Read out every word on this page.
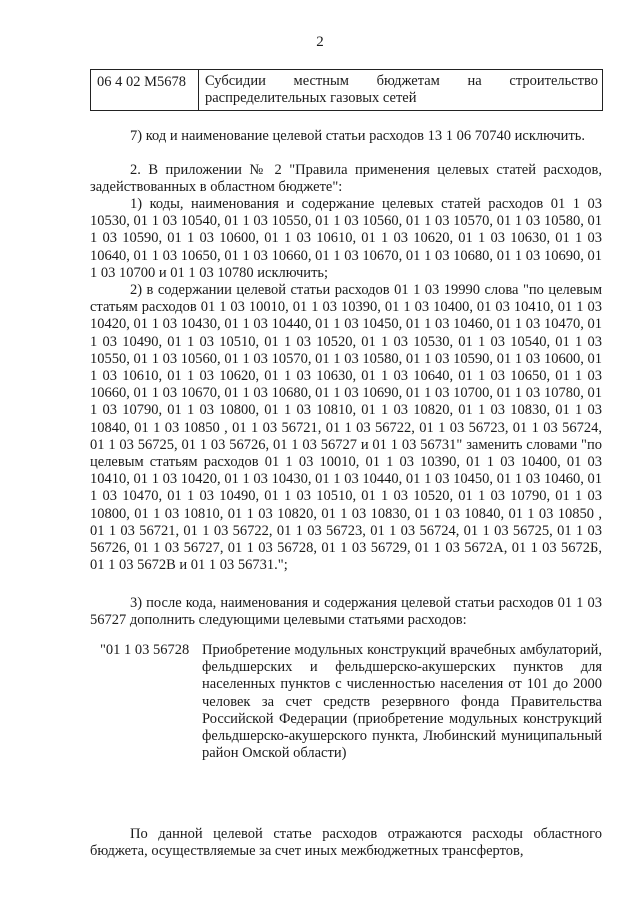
2
06 4 02 M5678	Субсидии местным бюджетам на строительство распределительных газовых сетей
7) код и наименование целевой статьи расходов 13 1 06 70740 исключить.
2. В приложении № 2 "Правила применения целевых статей расходов, задействованных в областном бюджете":
1) коды, наименования и содержание целевых статей расходов 01 1 03 10530, 01 1 03 10540, 01 1 03 10550, 01 1 03 10560, 01 1 03 10570, 01 1 03 10580, 01 1 03 10590, 01 1 03 10600, 01 1 03 10610, 01 1 03 10620, 01 1 03 10630, 01 1 03 10640, 01 1 03 10650, 01 1 03 10660, 01 1 03 10670, 01 1 03 10680, 01 1 03 10690, 01 1 03 10700 и 01 1 03 10780 исключить;
2) в содержании целевой статьи расходов 01 1 03 19990 слова "по целевым статьям расходов 01 1 03 10010, 01 1 03 10390, 01 1 03 10400, 01 03 10410, 01 1 03 10420, 01 1 03 10430, 01 1 03 10440, 01 1 03 10450, 01 1 03 10460, 01 1 03 10470, 01 1 03 10490, 01 1 03 10510, 01 1 03 10520, 01 1 03 10530, 01 1 03 10540, 01 1 03 10550, 01 1 03 10560, 01 1 03 10570, 01 1 03 10580, 01 1 03 10590, 01 1 03 10600, 01 1 03 10610, 01 1 03 10620, 01 1 03 10630, 01 1 03 10640, 01 1 03 10650, 01 1 03 10660, 01 1 03 10670, 01 1 03 10680, 01 1 03 10690, 01 1 03 10700, 01 1 03 10780, 01 1 03 10790, 01 1 03 10800, 01 1 03 10810, 01 1 03 10820, 01 1 03 10830, 01 1 03 10840, 01 1 03 10850 , 01 1 03 56721, 01 1 03 56722, 01 1 03 56723, 01 1 03 56724, 01 1 03 56725, 01 1 03 56726, 01 1 03 56727 и 01 1 03 56731" заменить словами "по целевым статьям расходов 01 1 03 10010, 01 1 03 10390, 01 1 03 10400, 01 03 10410, 01 1 03 10420, 01 1 03 10430, 01 1 03 10440, 01 1 03 10450, 01 1 03 10460, 01 1 03 10470, 01 1 03 10490, 01 1 03 10510, 01 1 03 10520, 01 1 03 10790, 01 1 03 10800, 01 1 03 10810, 01 1 03 10820, 01 1 03 10830, 01 1 03 10840, 01 1 03 10850 , 01 1 03 56721, 01 1 03 56722, 01 1 03 56723, 01 1 03 56724, 01 1 03 56725, 01 1 03 56726, 01 1 03 56727, 01 1 03 56728, 01 1 03 56729, 01 1 03 5672А, 01 1 03 5672Б, 01 1 03 5672В и 01 1 03 56731.";
3) после кода, наименования и содержания целевой статьи расходов 01 1 03 56727 дополнить следующими целевыми статьями расходов:
"01 1 03 56728 Приобретение модульных конструкций врачебных амбулаторий, фельдшерских и фельдшерско-акушерских пунктов для населенных пунктов с численностью населения от 101 до 2000 человек за счет средств резервного фонда Правительства Российской Федерации (приобретение модульных конструкций фельдшерско-акушерского пункта, Любинский муниципальный район Омской области)
По данной целевой статье расходов отражаются расходы областного бюджета, осуществляемые за счет иных межбюджетных трансфертов,
